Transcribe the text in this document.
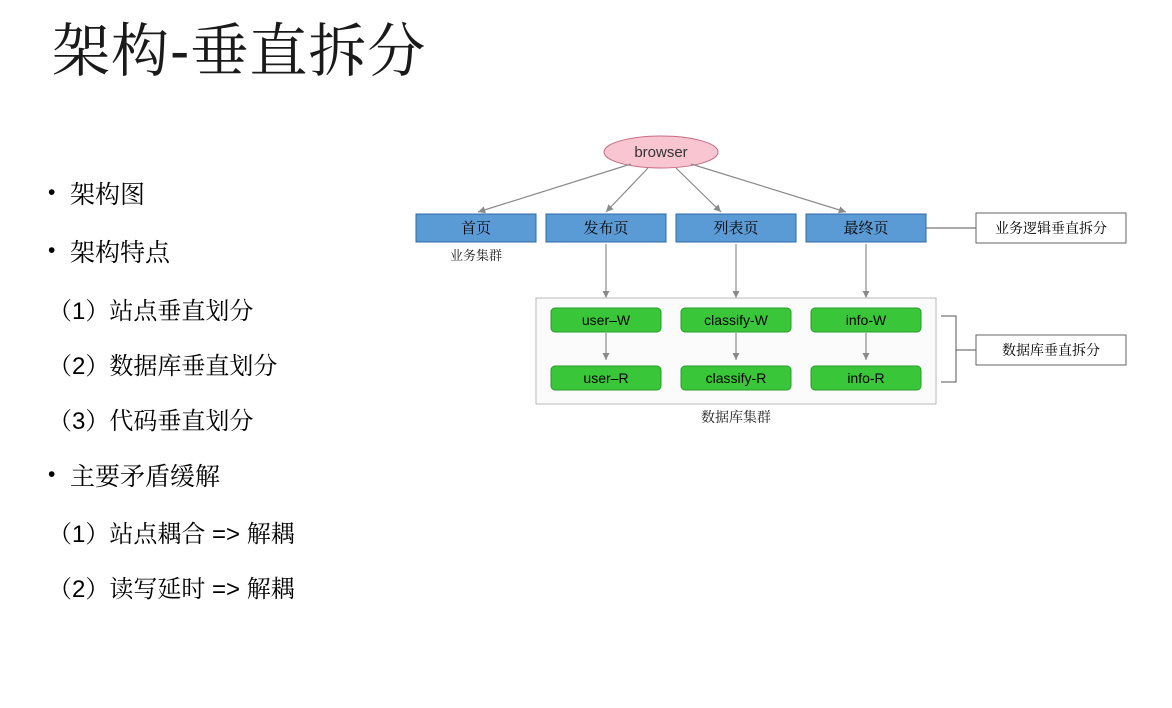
架构-垂直拆分
• 架构图
• 架构特点
（1）站点垂直划分
（2）数据库垂直划分
（3）代码垂直划分
• 主要矛盾缓解
（1）站点耦合 => 解耦
（2）读写延时 => 解耦
browser
首页	发布页	列表页	最终页
业务集群
user–W	classify-W	info-W
user–R	classify-R	info-R
数据库集群
业务逻辑垂直拆分
数据库垂直拆分
